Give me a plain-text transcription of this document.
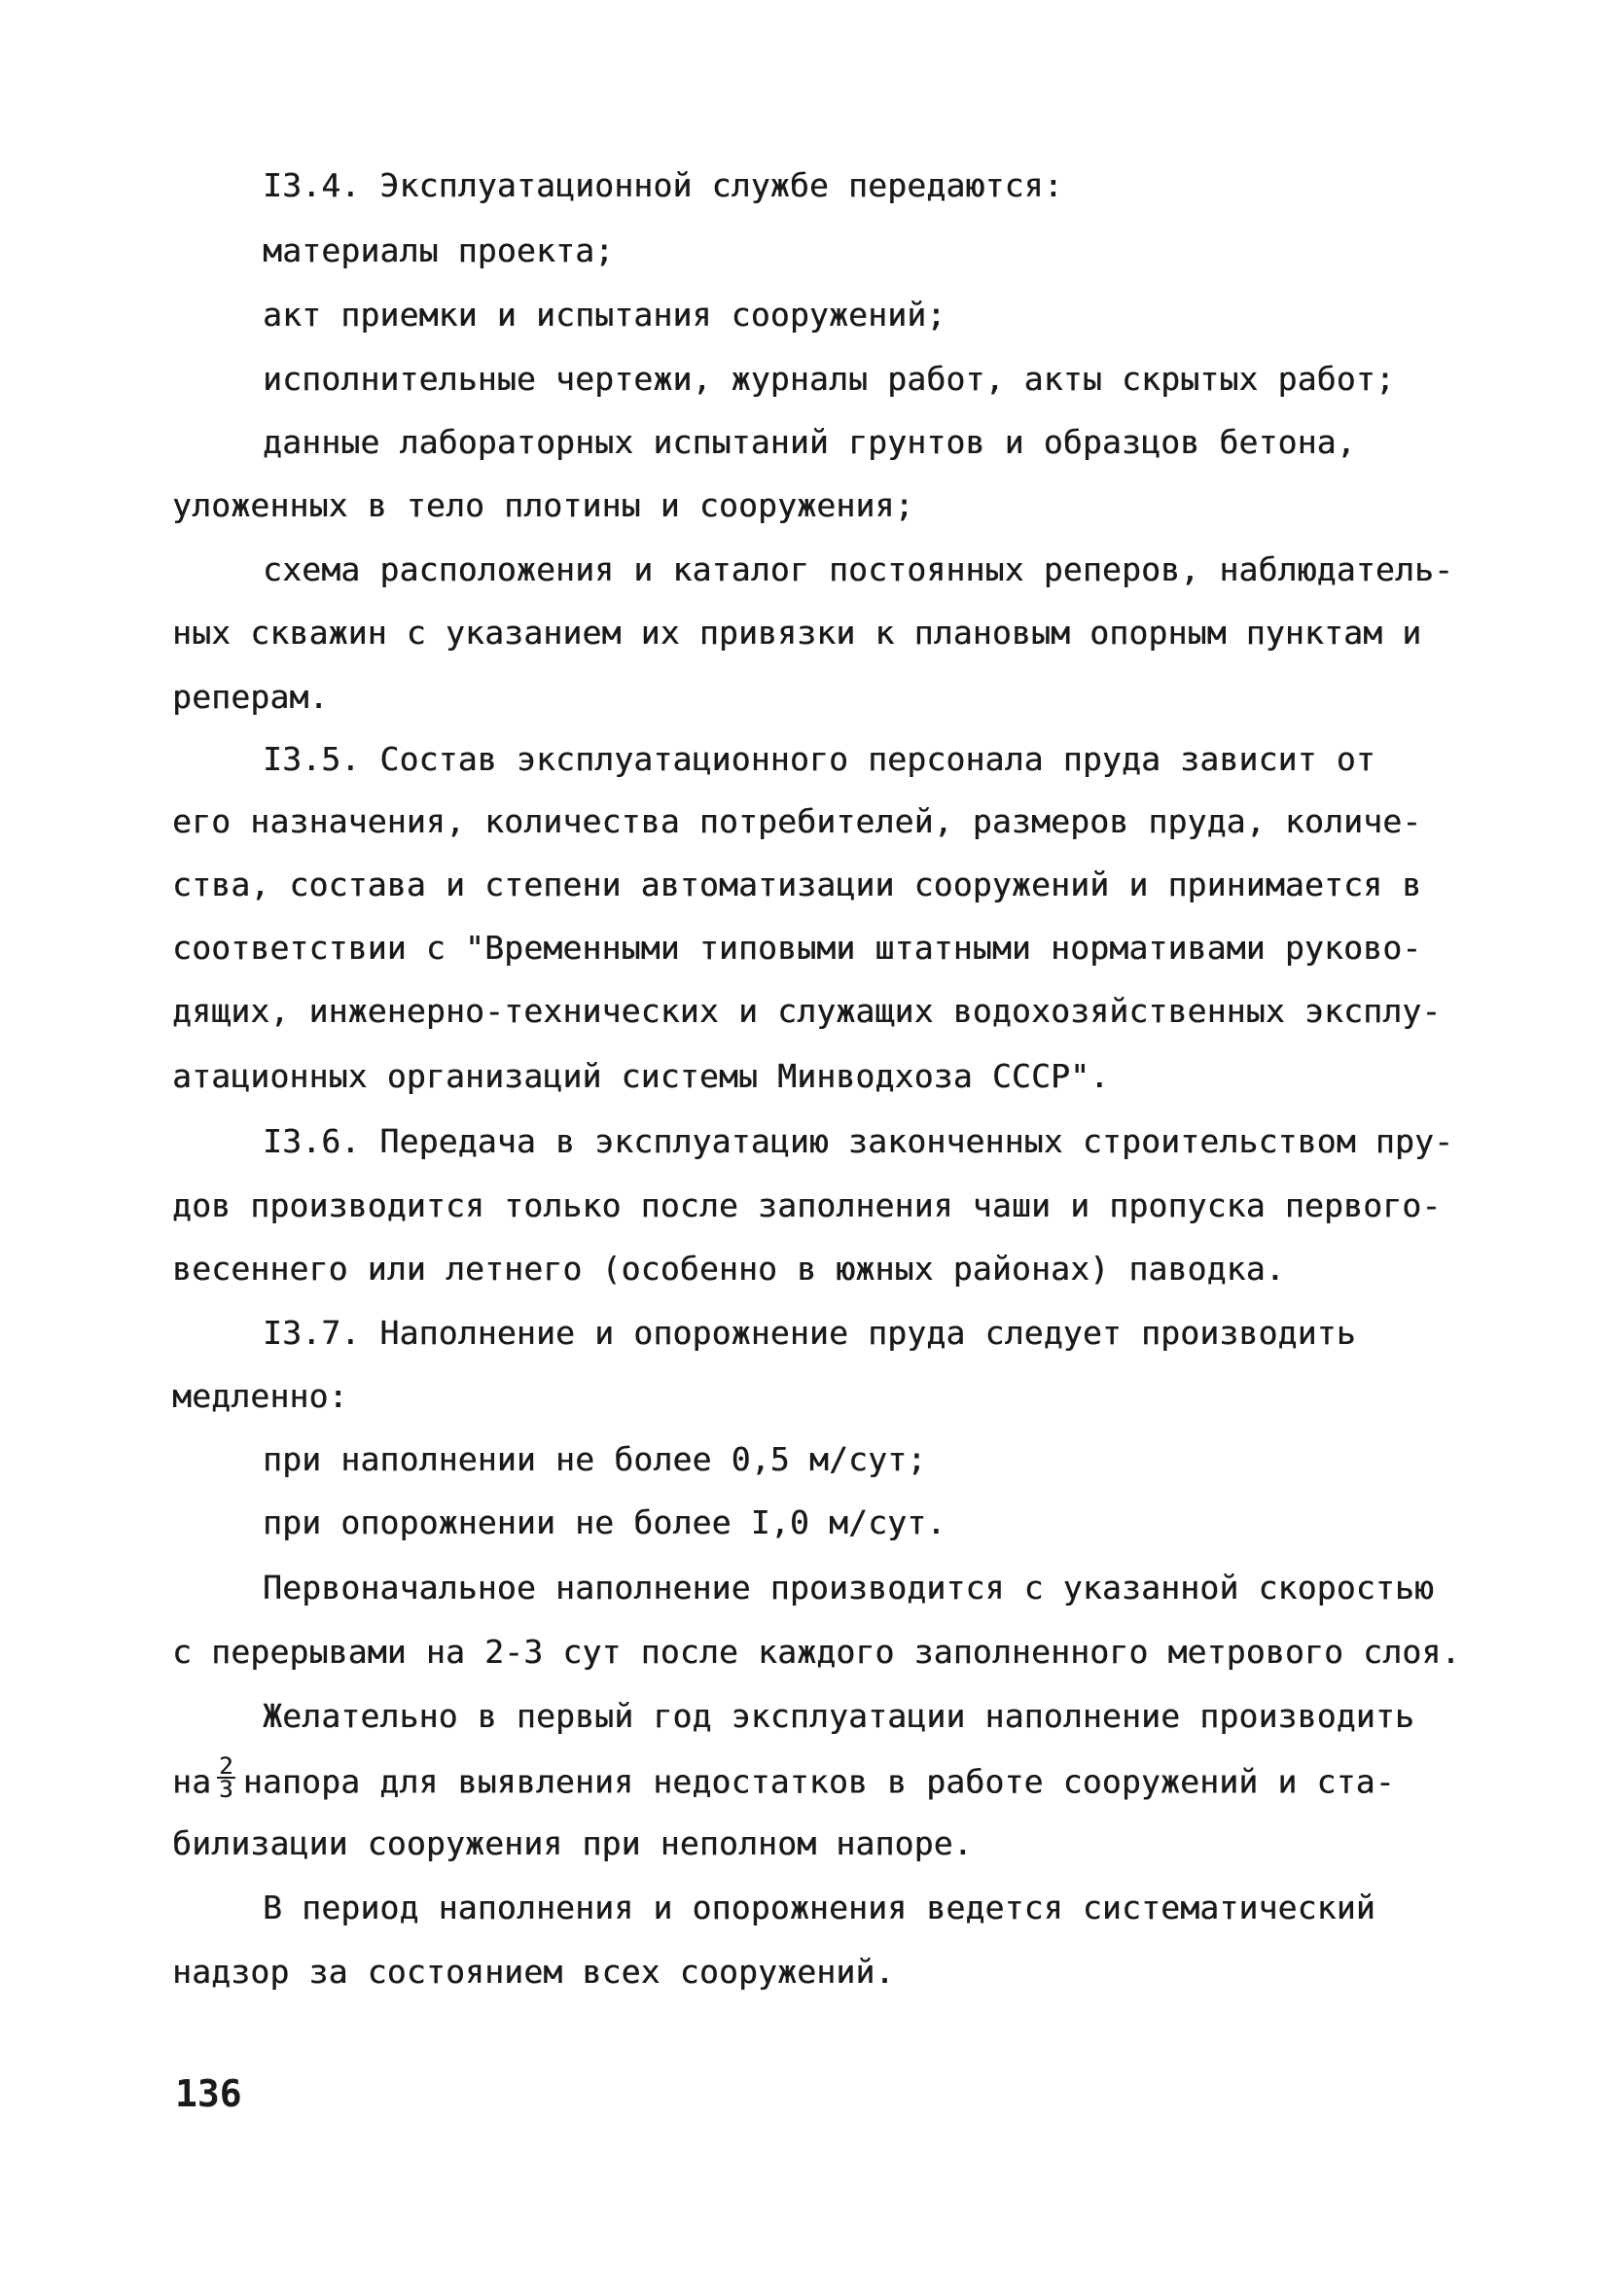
I3.4. Эксплуатационной службе передаются:
материалы проекта;
акт приемки и испытания сооружений;
исполнительные чертежи, журналы работ, акты скрытых работ;
данные лабораторных испытаний грунтов и образцов бетона,
уложенных в тело плотины и сооружения;
схема расположения и каталог постоянных реперов, наблюдатель-
ных скважин с указанием их привязки к плановым опорным пунктам и
реперам.
I3.5. Состав эксплуатационного персонала пруда зависит от
его назначения, количества потребителей, размеров пруда, количе-
ства, состава и степени автоматизации сооружений и принимается в
соответствии с "Временными типовыми штатными нормативами руково-
дящих, инженерно-технических и служащих водохозяйственных эксплу-
атационных организаций системы Минводхоза СССР".
I3.6. Передача в эксплуатацию законченных строительством пру-
дов производится только после заполнения чаши и пропуска первого-
весеннего или летнего (особенно в южных районах) паводка.
I3.7. Наполнение и опорожнение пруда следует производить
медленно:
при наполнении не более 0,5 м/сут;
при опорожнении не более I,0 м/сут.
Первоначальное наполнение производится с указанной скоростью
с перерывами на 2-3 сут после каждого заполненного метрового слоя.
Желательно в первый год эксплуатации наполнение производить
на $\frac{2}{3}$ напора для выявления недостатков в работе сооружений и ста-
билизации сооружения при неполном напоре.
В период наполнения и опорожнения ведется систематический
надзор за состоянием всех сооружений.
136
